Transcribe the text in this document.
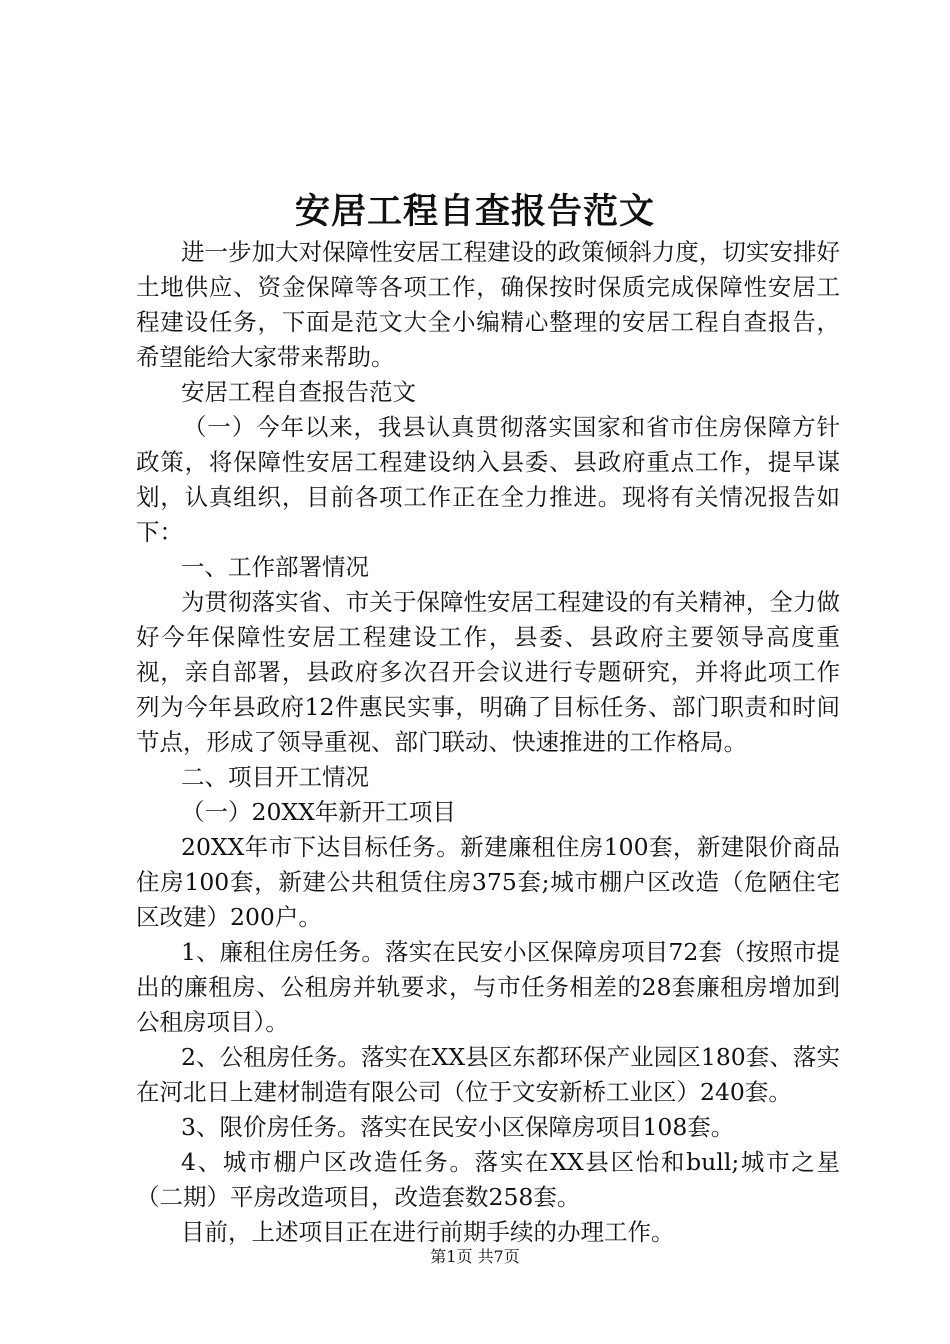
安居工程自查报告范文

进一步加大对保障性安居工程建设的政策倾斜力度，切实安排好土地供应、资金保障等各项工作，确保按时保质完成保障性安居工程建设任务，下面是范文大全小编精心整理的安居工程自查报告，希望能给大家带来帮助。

安居工程自查报告范文

（一）今年以来，我县认真贯彻落实国家和省市住房保障方针政策，将保障性安居工程建设纳入县委、县政府重点工作，提早谋划，认真组织，目前各项工作正在全力推进。现将有关情况报告如下：

一、工作部署情况

为贯彻落实省、市关于保障性安居工程建设的有关精神，全力做好今年保障性安居工程建设工作，县委、县政府主要领导高度重视，亲自部署，县政府多次召开会议进行专题研究，并将此项工作列为今年县政府12件惠民实事，明确了目标任务、部门职责和时间节点，形成了领导重视、部门联动、快速推进的工作格局。

二、项目开工情况

（一）20XX年新开工项目

20XX年市下达目标任务。新建廉租住房100套，新建限价商品住房100套，新建公共租赁住房375套;城市棚户区改造（危陋住宅区改建）200户。

1、廉租住房任务。落实在民安小区保障房项目72套（按照市提出的廉租房、公租房并轨要求，与市任务相差的28套廉租房增加到公租房项目）。

2、公租房任务。落实在XX县区东都环保产业园区180套、落实在河北日上建材制造有限公司（位于文安新桥工业区）240套。

3、限价房任务。落实在民安小区保障房项目108套。

4、城市棚户区改造任务。落实在XX县区怡和bull;城市之星（二期）平房改造项目，改造套数258套。

目前，上述项目正在进行前期手续的办理工作。

第1页 共7页
